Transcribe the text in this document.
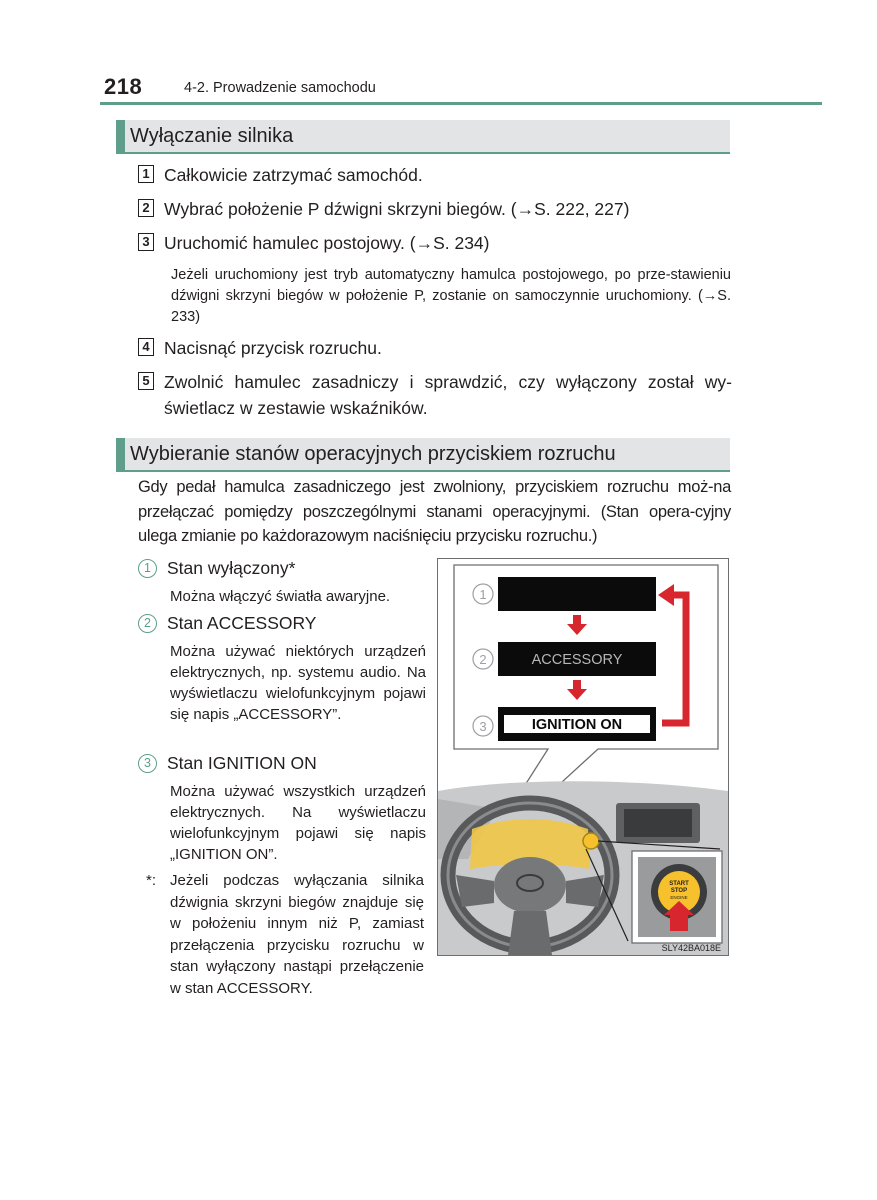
218	4-2. Prowadzenie samochodu
Wyłączanie silnika
1 Całkowicie zatrzymać samochód.
2 Wybrać położenie P dźwigni skrzyni biegów. (→S. 222, 227)
3 Uruchomić hamulec postojowy. (→S. 234)
Jeżeli uruchomiony jest tryb automatyczny hamulca postojowego, po prze-stawieniu dźwigni skrzyni biegów w położenie P, zostanie on samoczynnie uruchomiony. (→S. 233)
4 Nacisnąć przycisk rozruchu.
5 Zwolnić hamulec zasadniczy i sprawdzić, czy wyłączony został wy-świetlacz w zestawie wskaźników.
Wybieranie stanów operacyjnych przyciskiem rozruchu
Gdy pedał hamulca zasadniczego jest zwolniony, przyciskiem rozruchu moż-na przełączać pomiędzy poszczególnymi stanami operacyjnymi. (Stan opera-cyjny ulega zmianie po każdorazowym naciśnięciu przycisku rozruchu.)
1 Stan wyłączony*
Można włączyć światła awaryjne.
2 Stan ACCESSORY
Można używać niektórych urządzeń elektrycznych, np. systemu audio. Na wyświetlaczu wielofunkcyjnym pojawi się napis „ACCESSORY”.
3 Stan IGNITION ON
Można używać wszystkich urządzeń elektrycznych. Na wyświetlaczu wielofunkcyjnym pojawi się napis „IGNITION ON”.
*: Jeżeli podczas wyłączania silnika dźwignia skrzyni biegów znajduje się w położeniu innym niż P, zamiast przełączenia przycisku rozruchu w stan wyłączony nastąpi przełączenie w stan ACCESSORY.
1
2
3
ACCESSORY
IGNITION ON
START
STOP
ENGINE
SLY42BA018E
